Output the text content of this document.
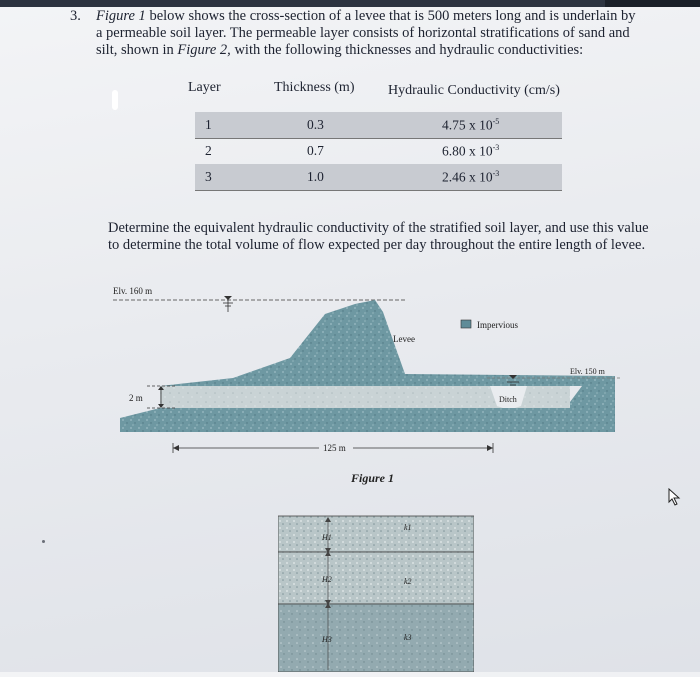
3. Figure 1 below shows the cross-section of a levee that is 500 meters long and is underlain by
a permeable soil layer. The permeable layer consists of horizontal stratifications of sand and
silt, shown in Figure 2, with the following thicknesses and hydraulic conductivities:
Layer	Thickness (m) Hydraulic Conductivity (cm/s)
1	0.3	4.75 x $10^{-5}$
2	0.7	6.80 x $10^{-3}$
3	1.0	2.46 x $10^{-3}$
Determine the equivalent hydraulic conductivity of the stratified soil layer, and use this value
to determine the total volume of flow expected per day throughout the entire length of levee.
Elv. 160 m
Levee
Impervious
Elv. 150 m
Ditch
2 m
125 m
Figure 1
H1
H2
H3
k1
k2
k3
